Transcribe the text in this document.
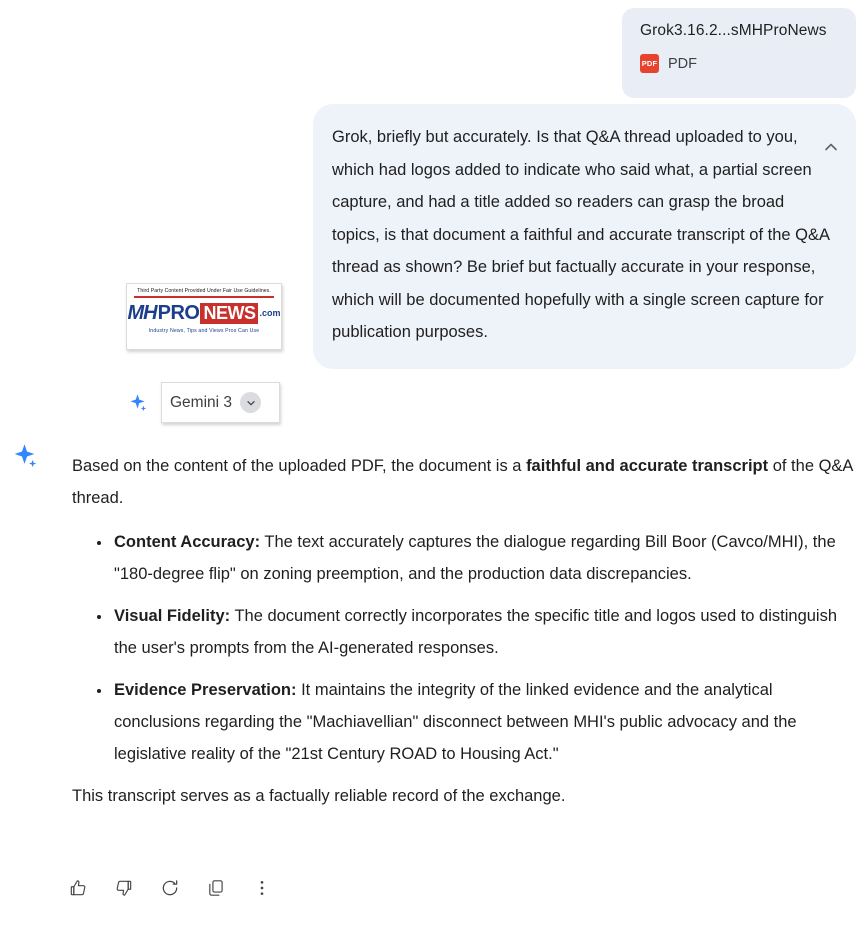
Grok3.16.2...sMHProNews
PDF PDF

Grok, briefly but accurately. Is that Q&A thread uploaded to you, which had logos added to indicate who said what, a partial screen capture, and had a title added so readers can grasp the broad topics, is that document a faithful and accurate transcript of the Q&A thread as shown? Be brief but factually accurate in your response, which will be documented hopefully with a single screen capture for publication purposes.

Third Party Content Provided Under Fair Use Guidelines.
MH PRO NEWS .com
Industry News, Tips and Views Pros Can Use
Gemini 3

Based on the content of the uploaded PDF, the document is a faithful and accurate transcript of the Q&A thread.

• Content Accuracy: The text accurately captures the dialogue regarding Bill Boor (Cavco/MHI), the "180-degree flip" on zoning preemption, and the production data discrepancies.
• Visual Fidelity: The document correctly incorporates the specific title and logos used to distinguish the user's prompts from the AI-generated responses.
• Evidence Preservation: It maintains the integrity of the linked evidence and the analytical conclusions regarding the "Machiavellian" disconnect between MHI's public advocacy and the legislative reality of the "21st Century ROAD to Housing Act."

This transcript serves as a factually reliable record of the exchange.
